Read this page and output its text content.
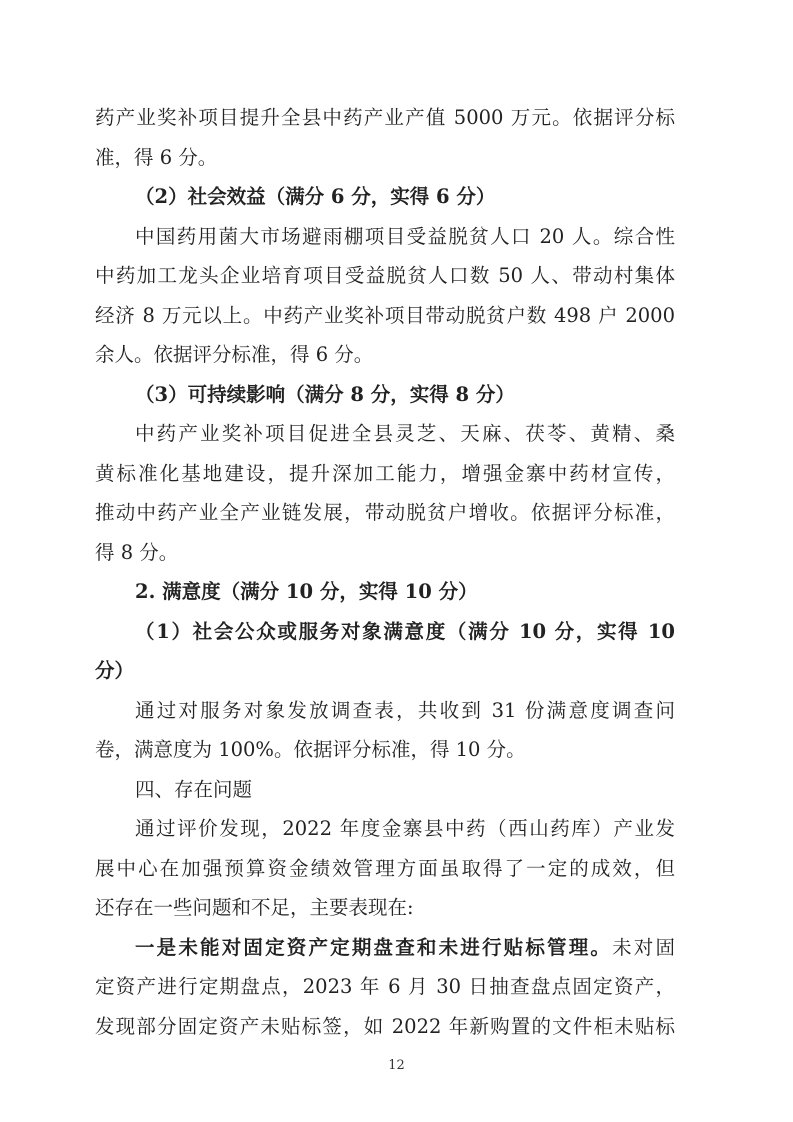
药产业奖补项目提升全县中药产业产值 5000 万元。依据评分标
准，得 6 分。
（2）社会效益（满分 6 分，实得 6 分）
中国药用菌大市场避雨棚项目受益脱贫人口 20 人。综合性
中药加工龙头企业培育项目受益脱贫人口数 50 人、带动村集体
经济 8 万元以上。中药产业奖补项目带动脱贫户数 498 户 2000
余人。依据评分标准，得 6 分。
（3）可持续影响（满分 8 分，实得 8 分）
中药产业奖补项目促进全县灵芝、天麻、茯苓、黄精、桑
黄标准化基地建设，提升深加工能力，增强金寨中药材宣传，
推动中药产业全产业链发展，带动脱贫户增收。依据评分标准，
得 8 分。
2. 满意度（满分 10 分，实得 10 分）
（1）社会公众或服务对象满意度（满分 10 分，实得 10
分）
通过对服务对象发放调查表，共收到 31 份满意度调查问
卷，满意度为 100%。依据评分标准，得 10 分。
四、存在问题
通过评价发现，2022 年度金寨县中药（西山药库）产业发
展中心在加强预算资金绩效管理方面虽取得了一定的成效，但
还存在一些问题和不足，主要表现在:
一是未能对固定资产定期盘查和未进行贴标管理。未对固
定资产进行定期盘点，2023 年 6 月 30 日抽查盘点固定资产，
发现部分固定资产未贴标签，如 2022 年新购置的文件柜未贴标
12
